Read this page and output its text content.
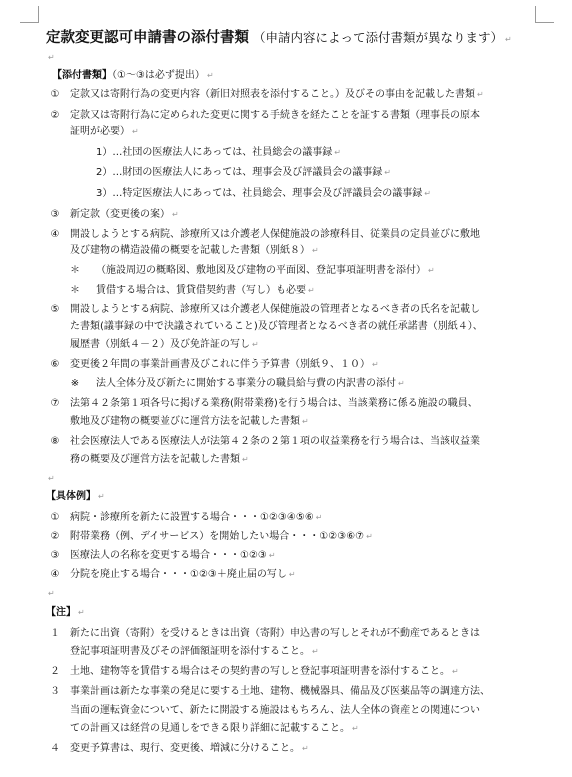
定款変更認可申請書の添付書類 （申請内容によって添付書類が異なります） ↵
↵
【添付書類】（①～③は必ず提出） ↵
①	定款又は寄附行為の変更内容（新旧対照表を添付すること。）及びその事由を記載した書類 ↵
②	定款又は寄附行為に定められた変更に関する手続きを経たことを証する書類（理事長の原本
証明が必要） ↵
1）…社団の医療法人にあっては、社員総会の議事録 ↵
2）…財団の医療法人にあっては、理事会及び評議員会の議事録 ↵
3）…特定医療法人にあっては、社員総会、理事会及び評議員会の議事録 ↵
③	新定款（変更後の案） ↵
④	開設しようとする病院、診療所又は介護老人保健施設の診療科目、従業員の定員並びに敷地
及び建物の構造設備の概要を記載した書類（別紙８） ↵
＊	（施設周辺の概略図、敷地図及び建物の平面図、登記事項証明書を添付） ↵
＊	賃借する場合は、賃貸借契約書（写し）も必要 ↵
⑤	開設しようとする病院、診療所又は介護老人保健施設の管理者となるべき者の氏名を記載し
た書類(議事録の中で決議されていること)及び管理者となるべき者の就任承諾書（別紙４）、
履歴書（別紙４－２）及び免許証の写し ↵
⑥	変更後２年間の事業計画書及びこれに伴う予算書（別紙９、１０） ↵
※	法人全体分及び新たに開始する事業分の職員給与費の内訳書の添付 ↵
⑦	法第４２条第１項各号に掲げる業務(附帯業務)を行う場合は、当該業務に係る施設の職員、
敷地及び建物の概要並びに運営方法を記載した書類 ↵
⑧	社会医療法人である医療法人が法第４２条の２第１項の収益業務を行う場合は、当該収益業
務の概要及び運営方法を記載した書類 ↵
↵
【具体例】 ↵
①	病院・診療所を新たに設置する場合・・・①②③④⑤⑥ ↵
②	附帯業務（例、デイサービス）を開始したい場合・・・①②③⑥⑦ ↵
③	医療法人の名称を変更する場合・・・①②③ ↵
④	分院を廃止する場合・・・①②③＋廃止届の写し ↵
↵
【注】 ↵
１	新たに出資（寄附）を受けるときは出資（寄附）申込書の写しとそれが不動産であるときは
登記事項証明書及びその評価額証明を添付すること。 ↵
２	土地、建物等を賃借する場合はその契約書の写しと登記事項証明書を添付すること。 ↵
３	事業計画は新たな事業の発足に要する土地、建物、機械器具、備品及び医薬品等の調達方法、
当面の運転資金について、新たに開設する施設はもちろん、法人全体の資産との関連につい
ての計画又は経営の見通しをできる限り詳細に記載すること。 ↵
４	変更予算書は、現行、変更後、増減に分けること。 ↵
